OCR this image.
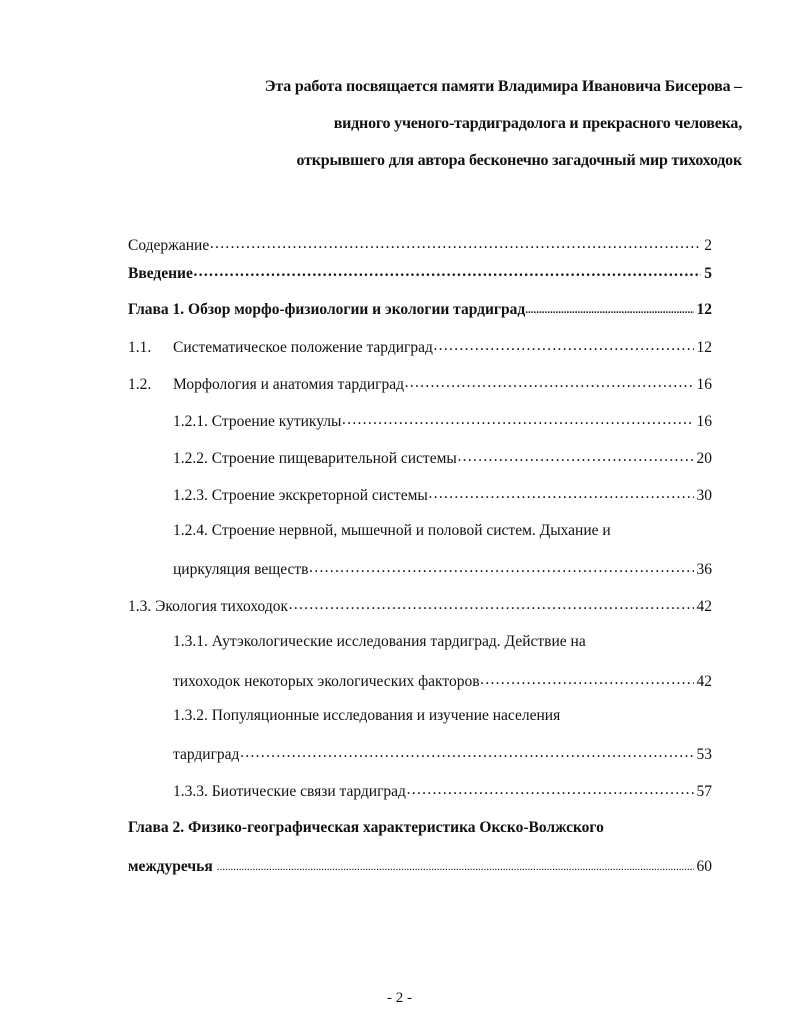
Эта работа посвящается памяти Владимира Ивановича Бисерова –
видного ученого-тардиградолога и прекрасного человека,
открывшего для автора бесконечно загадочный мир тихоходок
Содержание ………………………………………………………………………………………………………………………………………………………………………………	2
Введение ………………………………………………………………………………………………………………………………………………………………………………	5
Глава 1. Обзор морфо-физиологии и экологии тардиград .....	12
1.1.	Систематическое положение тардиград ………………………………………………………………………………………………………………………………………………………………………………	12
1.2.	Морфология и анатомия тардиград ………………………………………………………………………………………………………………………………………………………………………………	16
1.2.1. Строение кутикулы ………………………………………………………………………………………………………………………………………………………………………………	16
1.2.2. Строение пищеварительной системы ………………………………………………………………………………………………………………………………………………………………………………	20
1.2.3. Строение экскреторной системы ………………………………………………………………………………………………………………………………………………………………………………	30
1.2.4. Строение нервной, мышечной и половой систем. Дыхание и
циркуляция веществ ………………………………………………………………………………………………………………………………………………………………………………	36
1.3. Экология тихоходок ………………………………………………………………………………………………………………………………………………………………………………	42
1.3.1. Аутэкологические исследования тардиград. Действие на
тихоходок некоторых экологических факторов ………………………………………………………………………………………………………………………………………………………………………………	42
1.3.2. Популяционные исследования и изучение населения
тардиград ………………………………………………………………………………………………………………………………………………………………………………	53
1.3.3. Биотические связи тардиград ………………………………………………………………………………………………………………………………………………………………………………	57
Глава 2. Физико-географическая характеристика Окско-Волжского
междуречья .....	60
- 2 -
